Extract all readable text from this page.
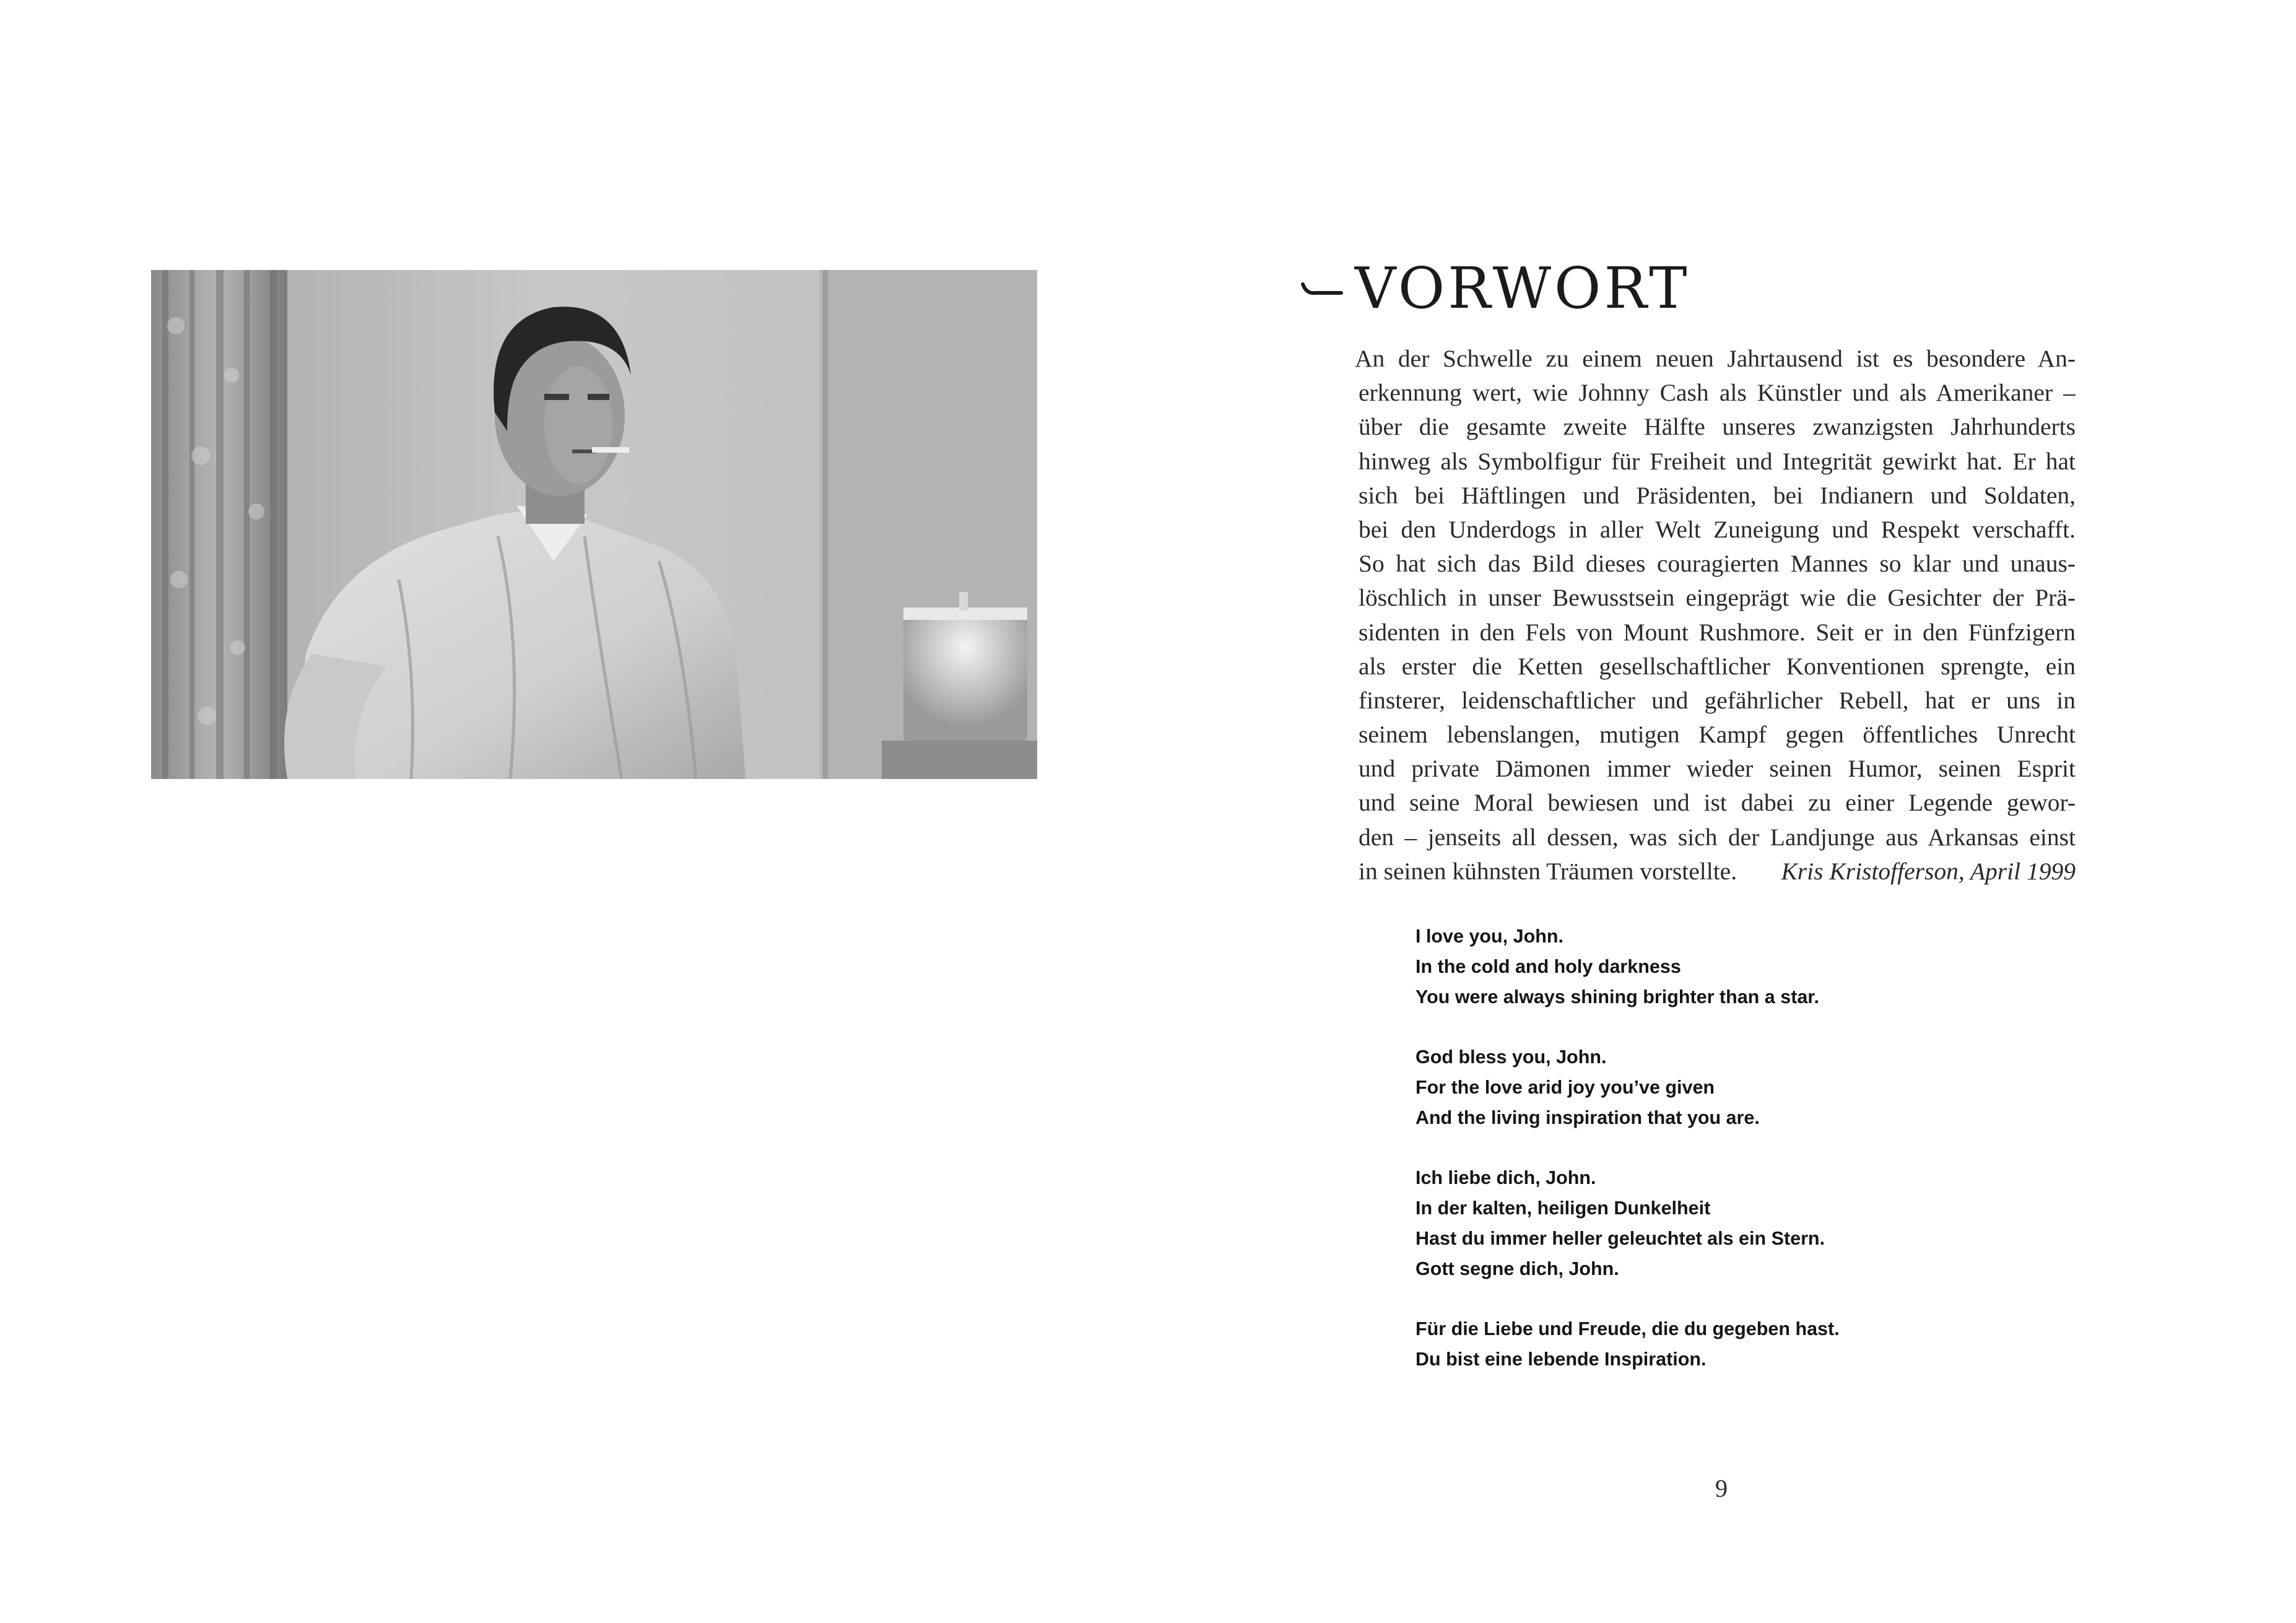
VORWORT
An der Schwelle zu einem neuen Jahrtausend ist es besondere An-
erkennung wert, wie Johnny Cash als Künstler und als Amerikaner –
über die gesamte zweite Hälfte unseres zwanzigsten Jahrhunderts
hinweg als Symbolfigur für Freiheit und Integrität gewirkt hat. Er hat
sich bei Häftlingen und Präsidenten, bei Indianern und Soldaten,
bei den Underdogs in aller Welt Zuneigung und Respekt verschafft.
So hat sich das Bild dieses couragierten Mannes so klar und unaus-
löschlich in unser Bewusstsein eingeprägt wie die Gesichter der Prä-
sidenten in den Fels von Mount Rushmore. Seit er in den Fünfzigern
als erster die Ketten gesellschaftlicher Konventionen sprengte, ein
finsterer, leidenschaftlicher und gefährlicher Rebell, hat er uns in
seinem lebenslangen, mutigen Kampf gegen öffentliches Unrecht
und private Dämonen immer wieder seinen Humor, seinen Esprit
und seine Moral bewiesen und ist dabei zu einer Legende gewor-
den – jenseits all dessen, was sich der Landjunge aus Arkansas einst
in seinen kühnsten Träumen vorstellte. Kris Kristofferson, April 1999
I love you, John.
In the cold and holy darkness
You were always shining brighter than a star.
God bless you, John.
For the love arid joy you’ve given
And the living inspiration that you are.
Ich liebe dich, John.
In der kalten, heiligen Dunkelheit
Hast du immer heller geleuchtet als ein Stern.
Gott segne dich, John.
Für die Liebe und Freude, die du gegeben hast.
Du bist eine lebende Inspiration.
9
